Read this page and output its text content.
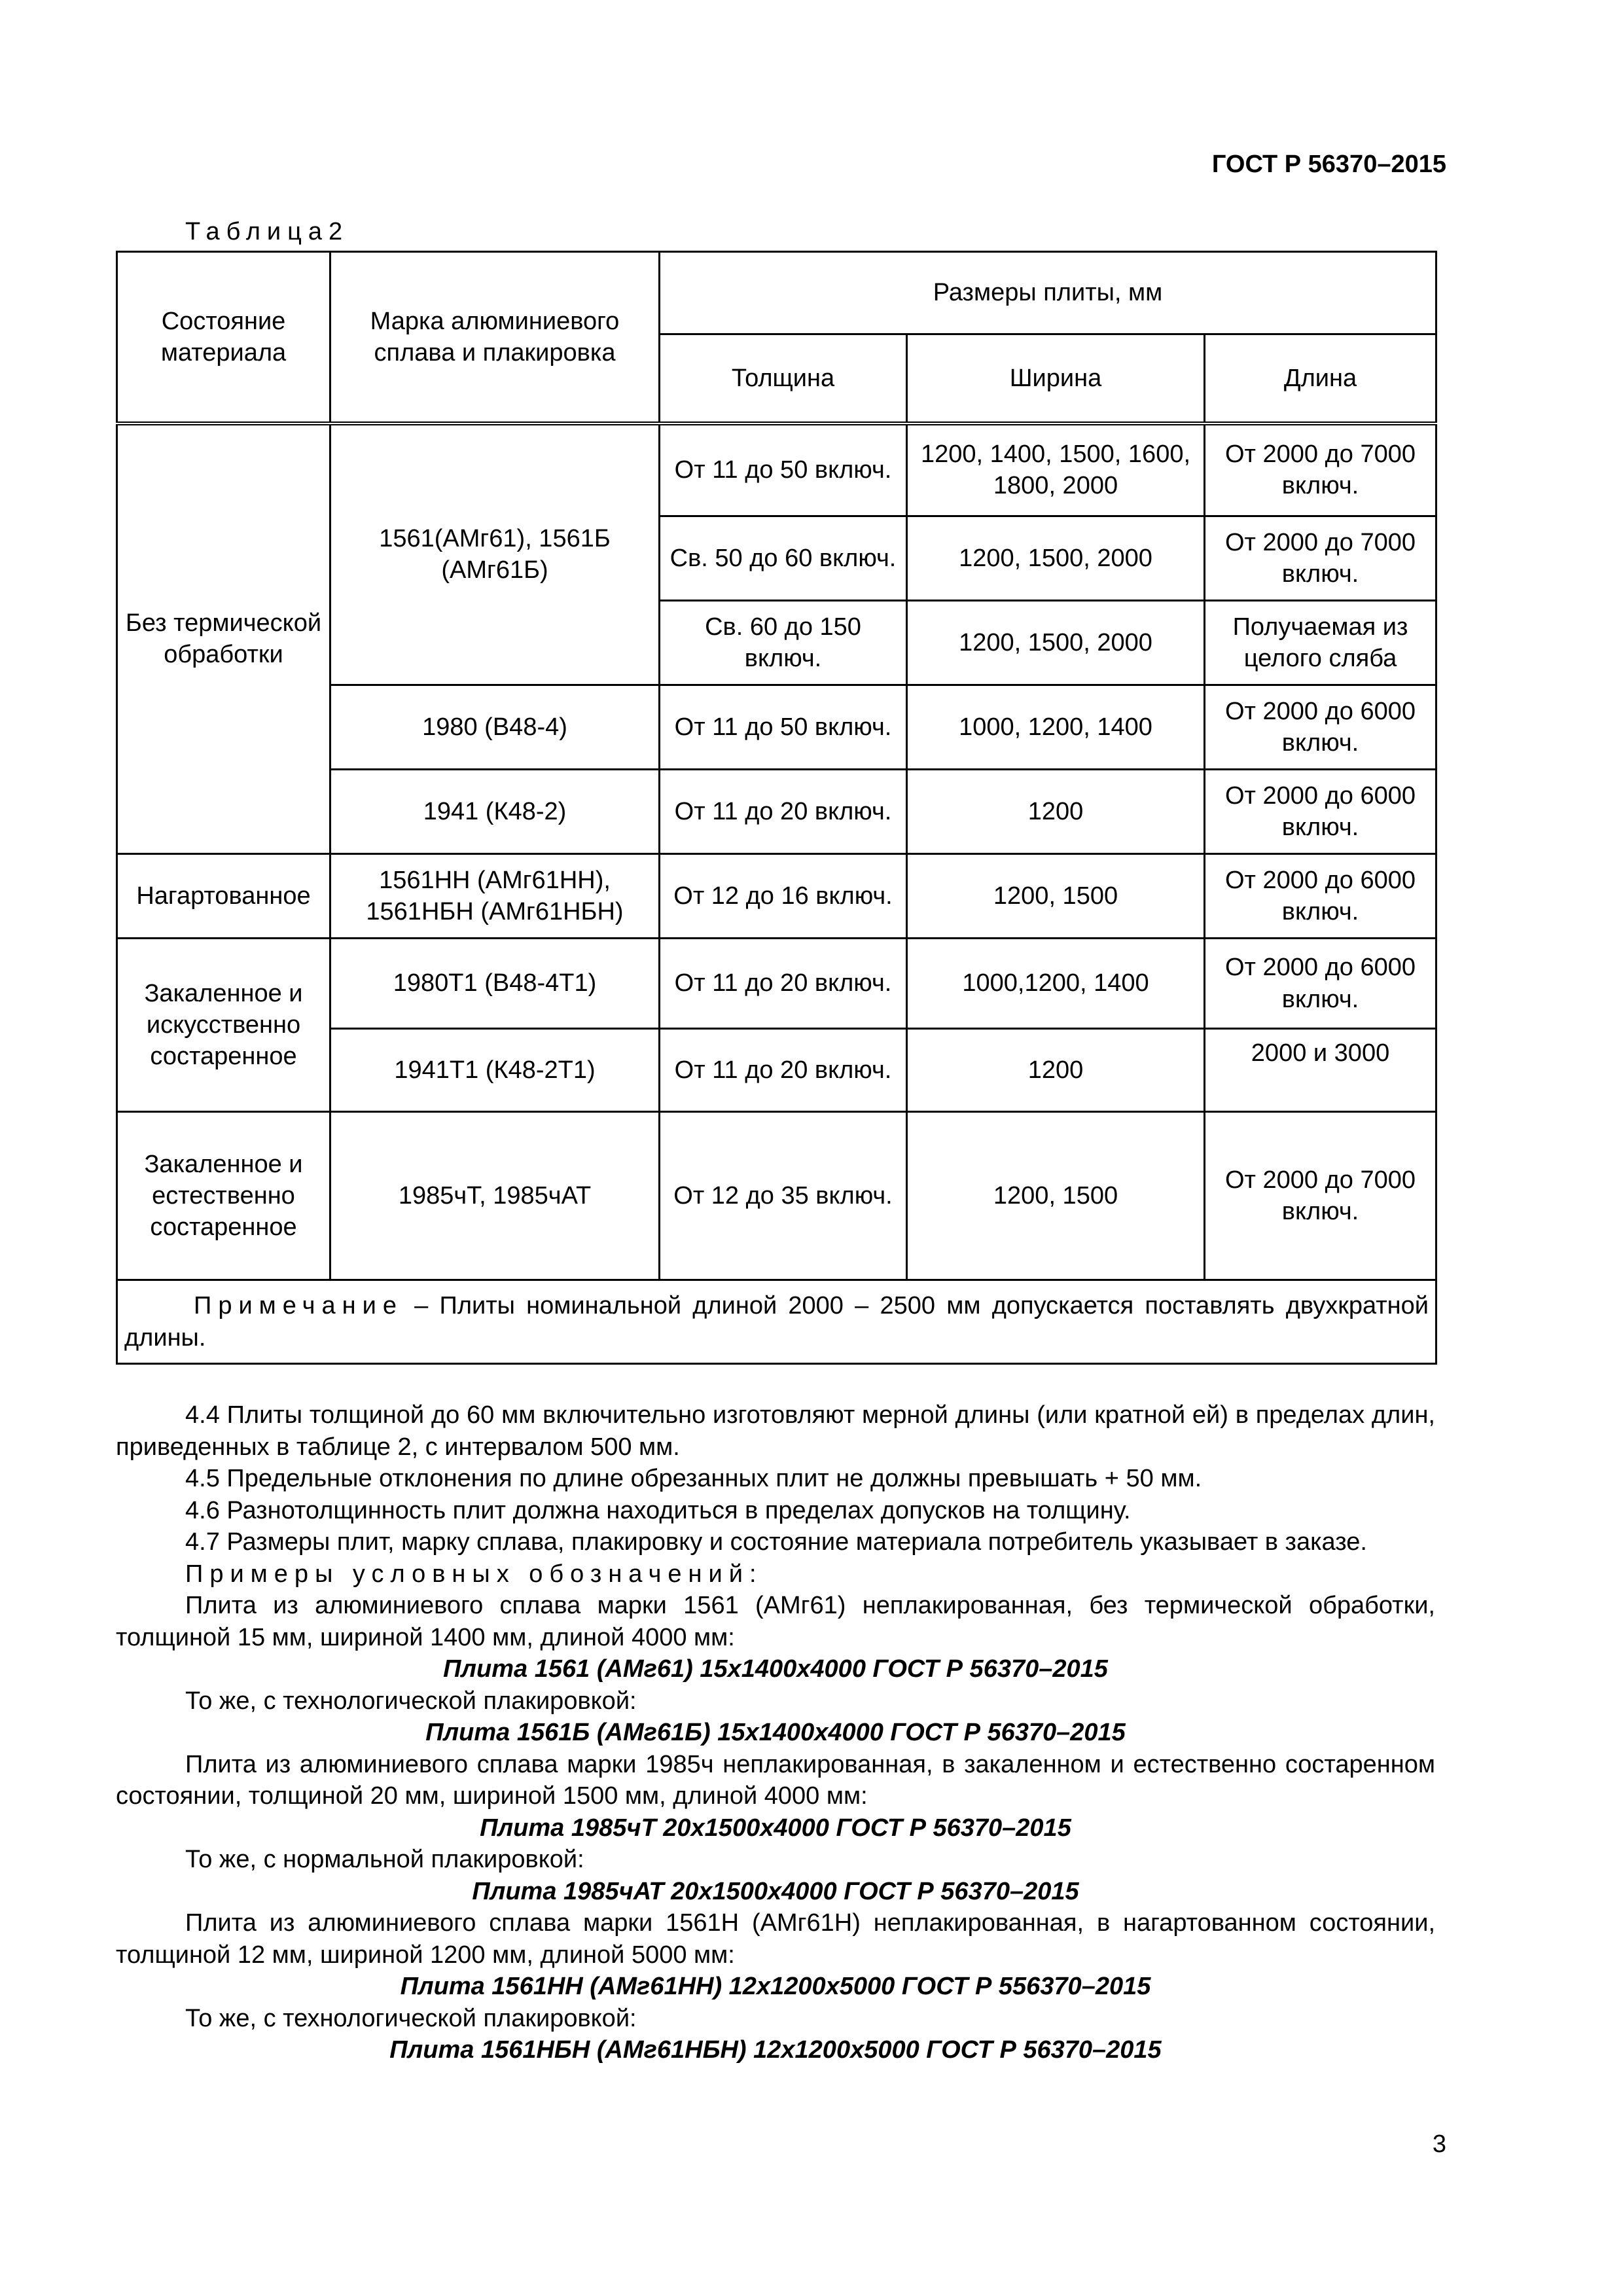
ГОСТ Р 56370–2015
Таблица2
Состояние материала	Марка алюминиевого сплава и плакировка	Размеры плиты, мм		
		Толщина	Ширина	Длина
Без термической обработки	1561(АМг61), 1561Б (АМг61Б)	От 11 до 50 включ.	1200, 1400, 1500, 1600, 1800, 2000	От 2000 до 7000 включ.
		Св. 50 до 60 включ.	1200, 1500, 2000	От 2000 до 7000 включ.
		Св. 60 до 150 включ.	1200, 1500, 2000	Получаемая из целого сляба
	1980 (В48-4)	От 11 до 50 включ.	1000, 1200, 1400	От 2000 до 6000 включ.
	1941 (К48-2)	От 11 до 20 включ.	1200	От 2000 до 6000 включ.
Нагартованное	1561НН (АМг61НН), 1561НБН (АМг61НБН)	От 12 до 16 включ.	1200, 1500	От 2000 до 6000 включ.
Закаленное и искусственно состаренное	1980Т1 (В48-4Т1)	От 11 до 20 включ.	1000,1200, 1400	От 2000 до 6000 включ.
	1941Т1 (К48-2Т1)	От 11 до 20 включ.	1200	2000 и 3000
Закаленное и естественно состаренное	1985чТ, 1985чАТ	От 12 до 35 включ.	1200, 1500	От 2000 до 7000 включ.
Примечание – Плиты номинальной длиной 2000 – 2500 мм допускается поставлять двухкратной длины.				

4.4 Плиты толщиной до 60 мм включительно изготовляют мерной длины (или кратной ей) в пределах длин, приведенных в таблице 2, с интервалом 500 мм.

4.5 Предельные отклонения по длине обрезанных плит не должны превышать + 50 мм.

4.6 Разнотолщинность плит должна находиться в пределах допусков на толщину.

4.7 Размеры плит, марку сплава, плакировку и состояние материала потребитель указывает в заказе.

Примеры условных обозначений:

Плита из алюминиевого сплава марки 1561 (АМг61) неплакированная, без термической обработки, толщиной 15 мм, шириной 1400 мм, длиной 4000 мм:

Плита 1561 (АМг61) 15х1400х4000 ГОСТ Р 56370–2015

То же, с технологической плакировкой:

Плита 1561Б (АМг61Б) 15х1400х4000 ГОСТ Р 56370–2015

Плита из алюминиевого сплава марки 1985ч неплакированная, в закаленном и естественно состаренном состоянии, толщиной 20 мм, шириной 1500 мм, длиной 4000 мм:

Плита 1985чТ 20х1500х4000 ГОСТ Р 56370–2015

То же, с нормальной плакировкой:

Плита 1985чАТ 20х1500х4000 ГОСТ Р 56370–2015

Плита из алюминиевого сплава марки 1561Н (АМг61Н) неплакированная, в нагартованном состоянии, толщиной 12 мм, шириной 1200 мм, длиной 5000 мм:

Плита 1561НН (АМг61НН) 12х1200х5000 ГОСТ Р 556370–2015

То же, с технологической плакировкой:

Плита 1561НБН (АМг61НБН) 12х1200х5000 ГОСТ Р 56370–2015

3
